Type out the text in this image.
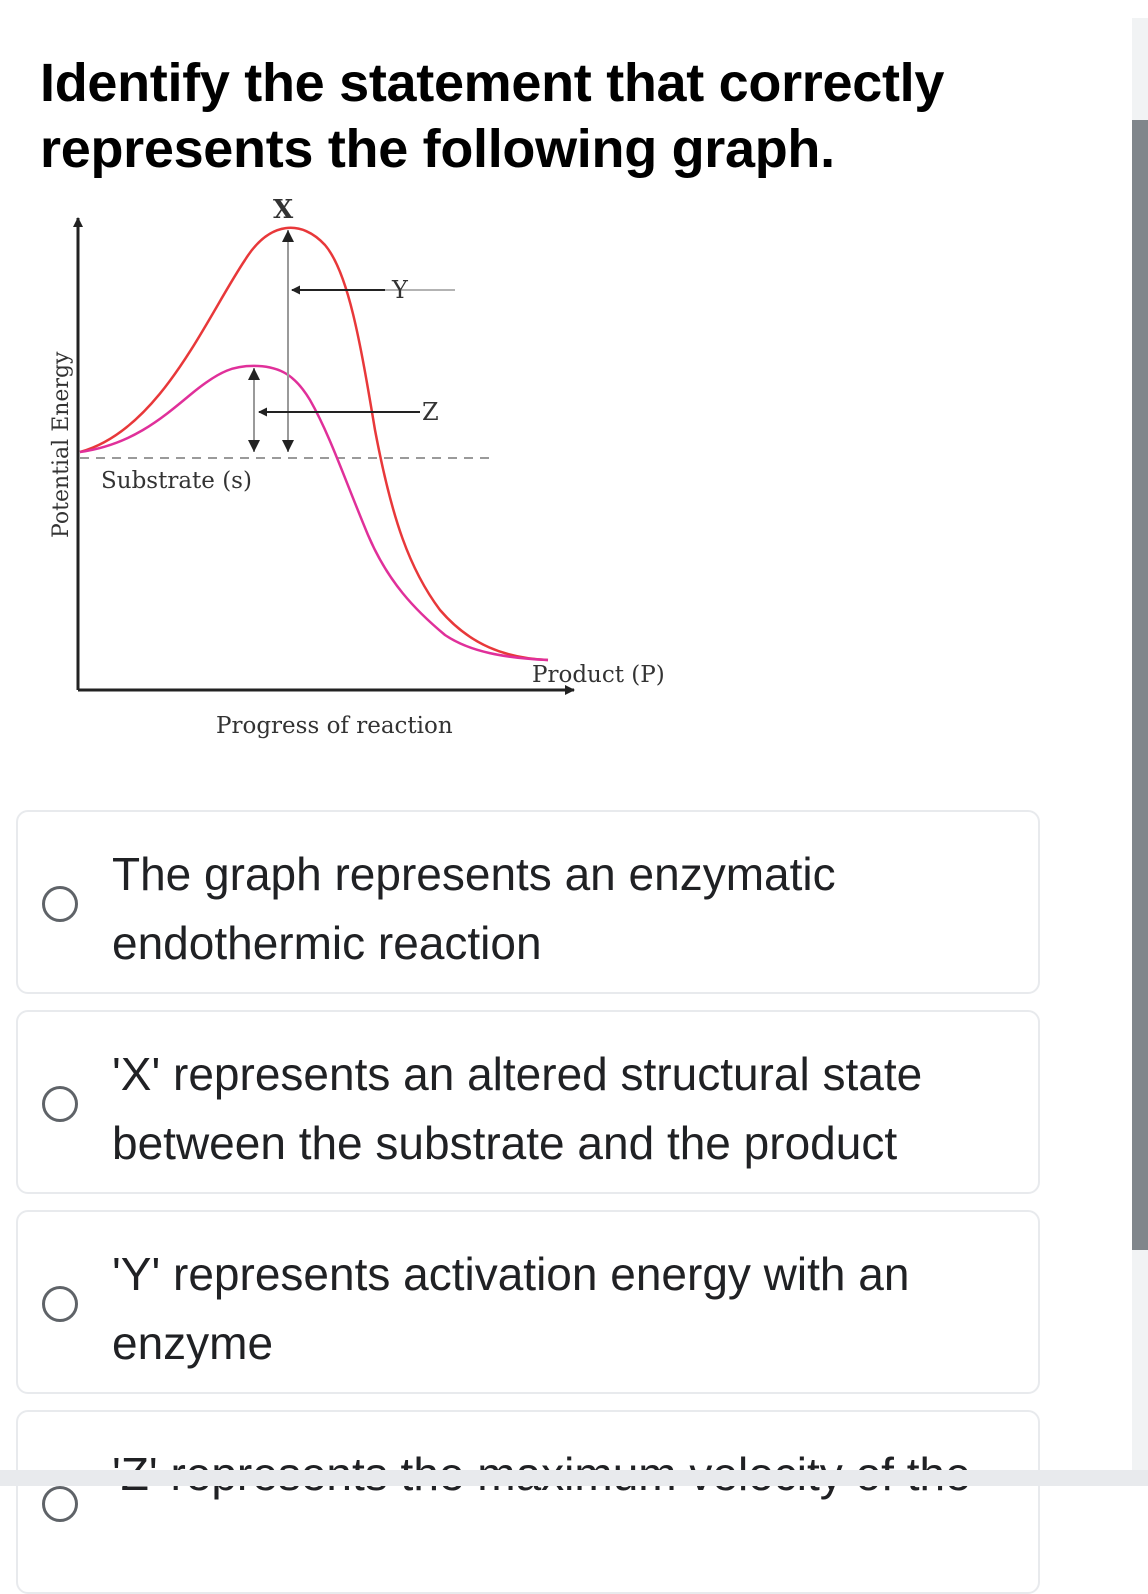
Identify the statement that correctly represents the following graph.
X
Y
Z
Substrate (s)
Product (P)
Progress of reaction
Potential Energy
The graph represents an enzymatic endothermic reaction
'X' represents an altered structural state between the substrate and the product
'Y' represents activation energy with an enzyme
